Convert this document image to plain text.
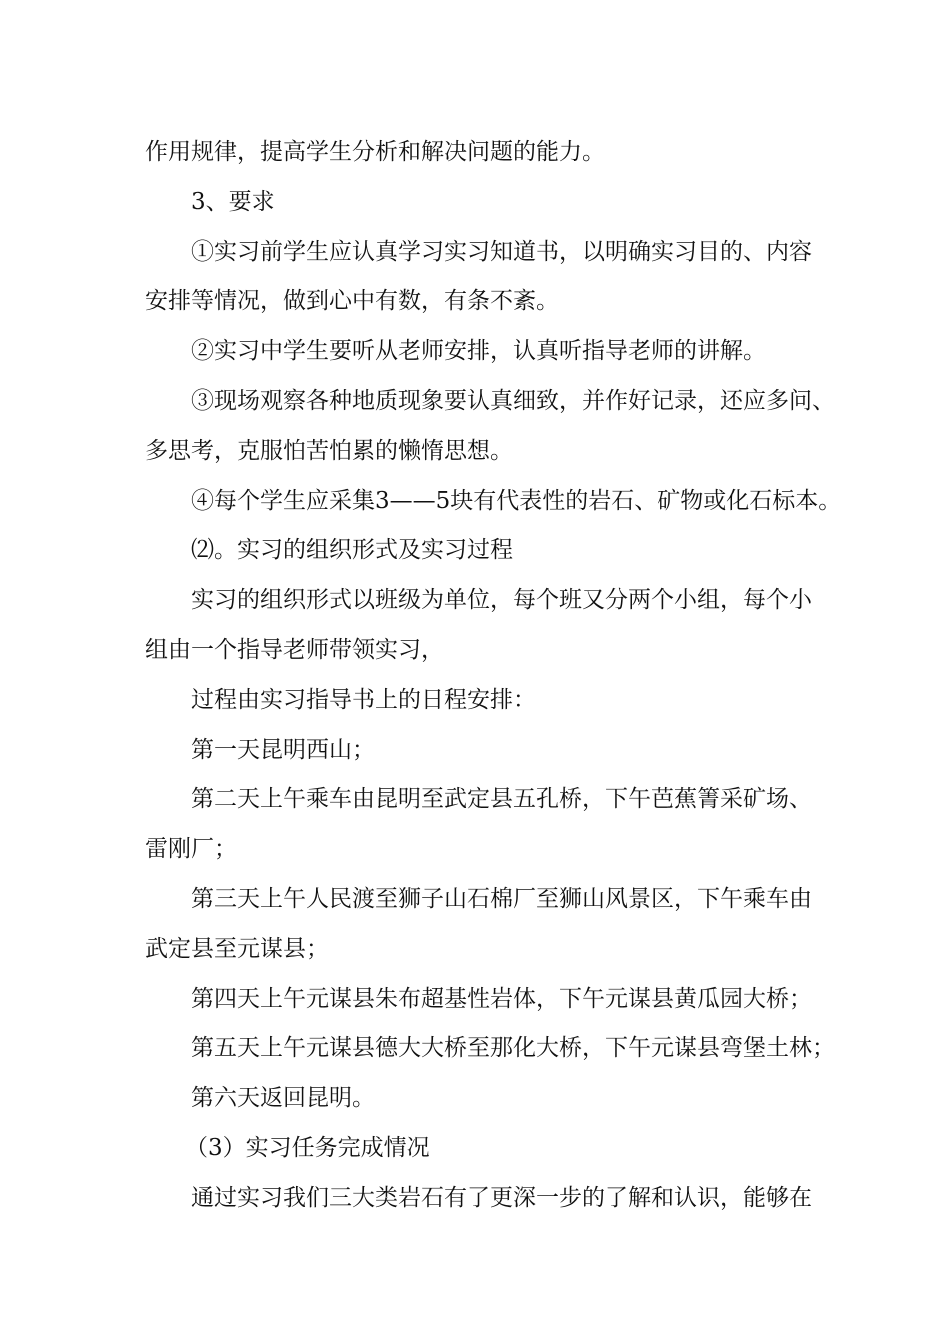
作用规律，提高学生分析和解决问题的能力。
3、要求
①实习前学生应认真学习实习知道书，以明确实习目的、内容
安排等情况，做到心中有数，有条不紊。
②实习中学生要听从老师安排，认真听指导老师的讲解。
③现场观察各种地质现象要认真细致，并作好记录，还应多问、
多思考，克服怕苦怕累的懒惰思想。
④每个学生应采集3——5块有代表性的岩石、矿物或化石标本。
⑵。实习的组织形式及实习过程
实习的组织形式以班级为单位，每个班又分两个小组，每个小
组由一个指导老师带领实习，
过程由实习指导书上的日程安排：
第一天昆明西山；
第二天上午乘车由昆明至武定县五孔桥，下午芭蕉箐采矿场、
雷刚厂；
第三天上午人民渡至狮子山石棉厂至狮山风景区，下午乘车由
武定县至元谋县；
第四天上午元谋县朱布超基性岩体，下午元谋县黄瓜园大桥；
第五天上午元谋县德大大桥至那化大桥，下午元谋县弯堡土林；
第六天返回昆明。
（3）实习任务完成情况
通过实习我们三大类岩石有了更深一步的了解和认识，能够在
